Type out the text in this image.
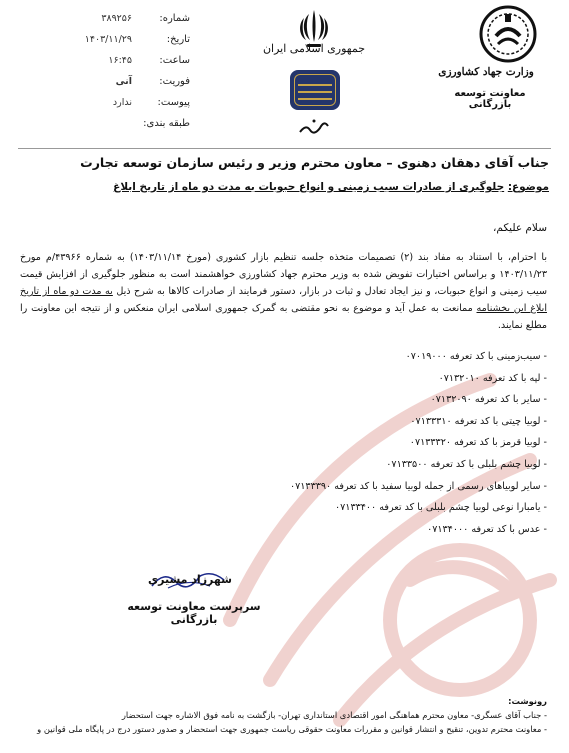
شماره:
۳۸۹۲۵۶
تاریخ:
۱۴۰۳/۱۱/۲۹
ساعت:
۱۶:۴۵
فوریت:
آنی
پیوست:
ندارد
طبقه بندی:
جمهوری اسلامی ایران
وزارت جهاد کشاورزی
معاونت توسعه بازرگانی
جناب آقای دهقان دهنوی – معاون محترم وزیر و رئیس سازمان توسعه تجارت
موضوع: جلوگیری از صادرات سیب زمینی و انواع حبوبات به مدت دو ماه از تاریخ ابلاغ
سلام علیکم،
با احترام، با استناد به مفاد بند (۲) تصمیمات متخذه جلسه تنظیم بازار کشوری (مورخ ۱۴۰۳/۱۱/۱۴) به شماره ۴۳۹۶۶/م مورخ ۱۴۰۳/۱۱/۲۳ و براساس اختیارات تفویض شده به وزیر محترم جهاد کشاورزی خواهشمند است به منظور جلوگیری از افزایش قیمت سیب زمینی و انواع حبوبات، و نیز ایجاد تعادل و ثبات در بازار، دستور فرمایند از صادرات کالاها به شرح ذیل به مدت دو ماه از تاریخ ابلاغ این بخشنامه ممانعت به عمل آید و موضوع به نحو مقتضی به گمرک جمهوری اسلامی ایران منعکس و از نتیجه این معاونت را مطلع نمایند.
- سیب‌زمینی با کد تعرفه ۰۷۰۱۹۰۰۰
- لپه با کد تعرفه ۰۷۱۳۲۰۱۰
- سایر با کد تعرفه ۰۷۱۳۲۰۹۰
- لوبیا چیتی با کد تعرفه ۰۷۱۳۳۳۱۰
- لوبیا قرمز با کد تعرفه ۰۷۱۳۳۳۲۰
- لوبیا چشم بلبلی با کد تعرفه ۰۷۱۳۳۵۰۰
- سایر لوبیاهای رسمی از جمله لوبیا سفید با کد تعرفه ۰۷۱۳۳۳۹۰
- یامبارا نوعی لوبیا چشم بلبلی با کد تعرفه ۰۷۱۳۳۴۰۰
- عدس با کد تعرفه ۰۷۱۳۴۰۰۰
شهرزاد مشیری
سرپرست معاونت توسعه بازرگانی
رونوشت:
- جناب آقای عسگری- معاون محترم هماهنگی امور اقتصادی استانداری تهران- بازگشت به نامه فوق الاشاره جهت استحضار
- معاونت محترم تدوین، تنقیح و انتشار قوانین و مقررات معاونت حقوقی ریاست جمهوری جهت استحضار و صدور دستور درج در پایگاه ملی قوانین و
